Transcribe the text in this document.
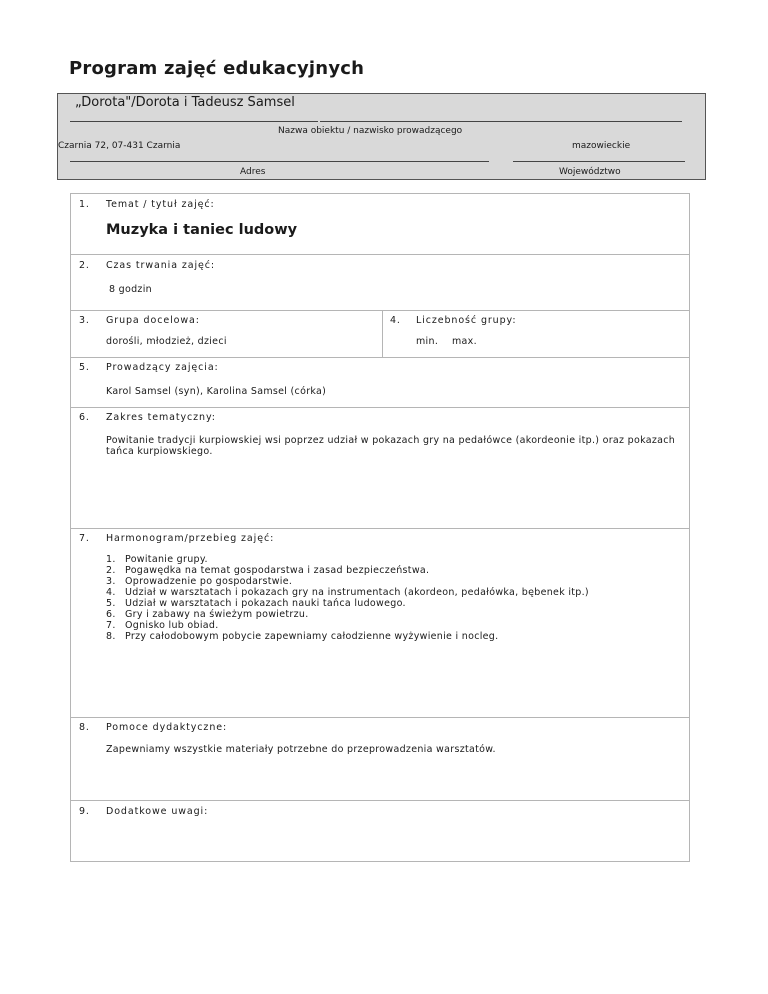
Program zajęć edukacyjnych
„Dorota"/Dorota i Tadeusz Samsel
Nazwa obiektu / nazwisko prowadzącego
Czarnia 72, 07-431 Czarnia	mazowieckie
Adres	Województwo
1. Temat / tytuł zajęć:
Muzyka i taniec ludowy
2. Czas trwania zajęć:
8 godzin
3. Grupa docelowa:
dorośli, młodzież, dzieci
4. Liczebność grupy:
min. max.
5. Prowadzący zajęcia:
Karol Samsel (syn), Karolina Samsel (córka)
6. Zakres tematyczny:
Powitanie tradycji kurpiowskiej wsi poprzez udział w pokazach gry na pedałówce (akordeonie itp.) oraz pokazach tańca kurpiowskiego.
7. Harmonogram/przebieg zajęć:
1. Powitanie grupy.
2. Pogawędka na temat gospodarstwa i zasad bezpieczeństwa.
3. Oprowadzenie po gospodarstwie.
4. Udział w warsztatach i pokazach gry na instrumentach (akordeon, pedałówka, bębenek itp.)
5. Udział w warsztatach i pokazach nauki tańca ludowego.
6. Gry i zabawy na świeżym powietrzu.
7. Ognisko lub obiad.
8. Przy całodobowym pobycie zapewniamy całodzienne wyżywienie i nocleg.
8. Pomoce dydaktyczne:
Zapewniamy wszystkie materiały potrzebne do przeprowadzenia warsztatów.
9. Dodatkowe uwagi:
